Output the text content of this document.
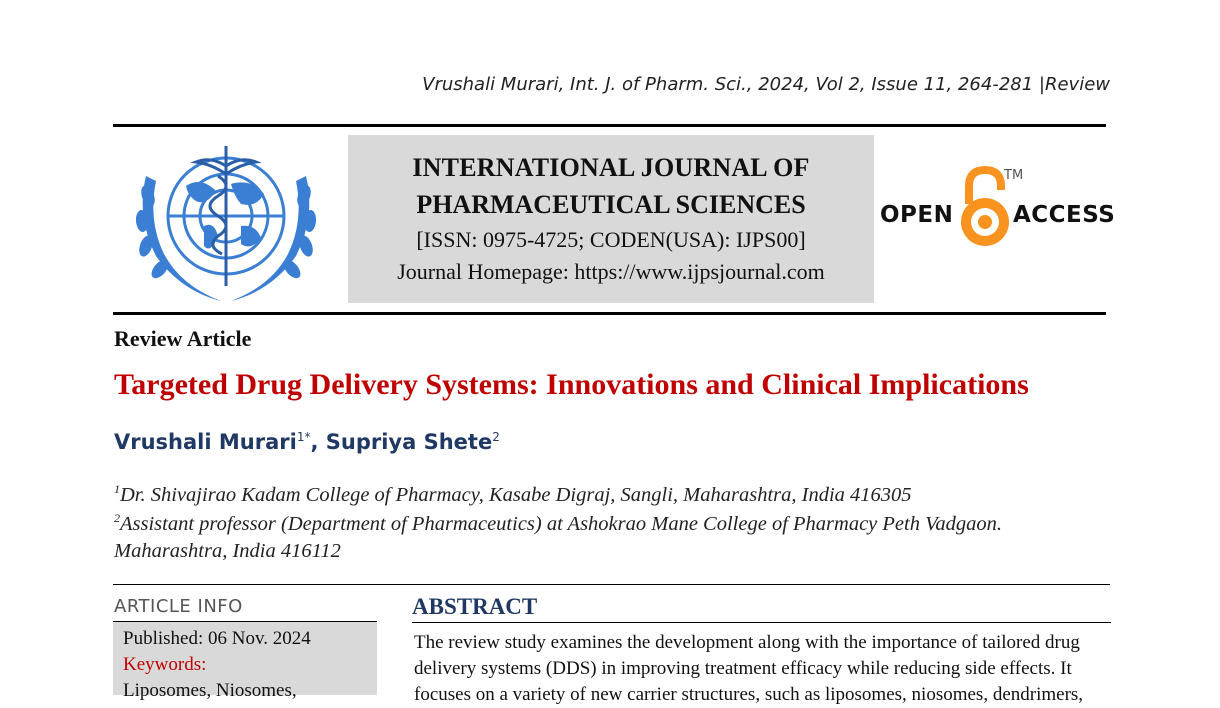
Vrushali Murari, Int. J. of Pharm. Sci., 2024, Vol 2, Issue 11, 264-281 |Review
INTERNATIONAL JOURNAL OF
PHARMACEUTICAL SCIENCES
[ISSN: 0975-4725; CODEN(USA): IJPS00]
Journal Homepage: https://www.ijpsjournal.com
OPEN
TM
ACCESS
Review Article
Targeted Drug Delivery Systems: Innovations and Clinical Implications
Vrushali Murari$^{1*}$, Supriya Shete$^2$
$^1$Dr. Shivajirao Kadam College of Pharmacy, Kasabe Digraj, Sangli, Maharashtra, India 416305
$^2$Assistant professor (Department of Pharmaceutics) at Ashokrao Mane College of Pharmacy Peth Vadgaon.
Maharashtra, India 416112
ARTICLE INFO
Published: 06 Nov. 2024
Keywords:
Liposomes, Niosomes,
ABSTRACT
The review study examines the development along with the importance of tailored drug
delivery systems (DDS) in improving treatment efficacy while reducing side effects. It
focuses on a variety of new carrier structures, such as liposomes, niosomes, dendrimers,
